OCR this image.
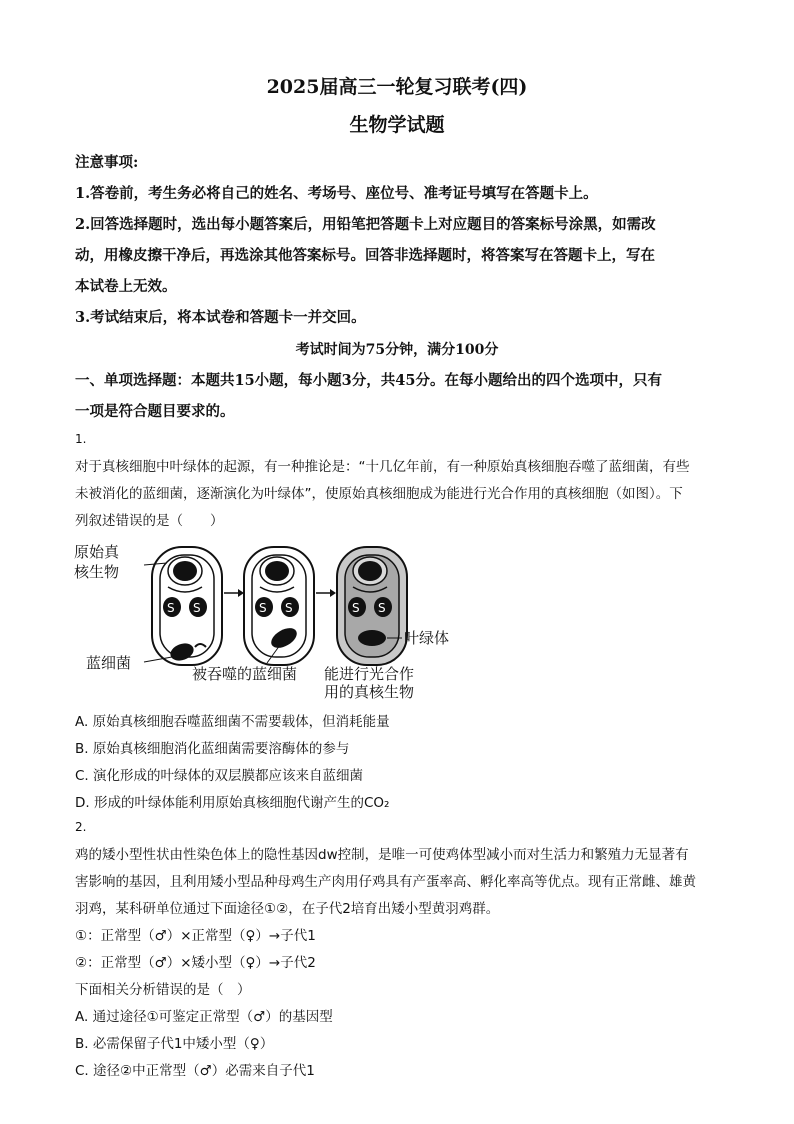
2025届高三一轮复习联考(四)
生物学试题
注意事项:
1.答卷前，考生务必将自己的姓名、考场号、座位号、准考证号填写在答题卡上。
2.回答选择题时，选出每小题答案后，用铅笔把答题卡上对应题目的答案标号涂黑，如需改
动，用橡皮擦干净后，再选涂其他答案标号。回答非选择题时，将答案写在答题卡上，写在
本试卷上无效。
3.考试结束后，将本试卷和答题卡一并交回。
考试时间为75分钟，满分100分
一、单项选择题：本题共15小题，每小题3分，共45分。在每小题给出的四个选项中，只有
一项是符合题目要求的。
1.
对于真核细胞中叶绿体的起源，有一种推论是：“十几亿年前，有一种原始真核细胞吞噬了蓝细菌，有些
未被消化的蓝细菌，逐渐演化为叶绿体”，使原始真核细胞成为能进行光合作用的真核细胞（如图）。下
列叙述错误的是（　　）
S S	S S	S S
原始真
核生物
蓝细菌
被吞噬的蓝细菌 能进行光合作
用的真核生物
叶绿体
A. 原始真核细胞吞噬蓝细菌不需要载体，但消耗能量
B. 原始真核细胞消化蓝细菌需要溶酶体的参与
C. 演化形成的叶绿体的双层膜都应该来自蓝细菌
D. 形成的叶绿体能利用原始真核细胞代谢产生的CO₂
2.
鸡的矮小型性状由性染色体上的隐性基因dw控制，是唯一可使鸡体型减小而对生活力和繁殖力无显著有
害影响的基因，且利用矮小型品种母鸡生产肉用仔鸡具有产蛋率高、孵化率高等优点。现有正常雌、雄黄
羽鸡，某科研单位通过下面途径①②，在子代2培育出矮小型黄羽鸡群。
①：正常型（♂）×正常型（♀）→子代1
②：正常型（♂）×矮小型（♀）→子代2
下面相关分析错误的是（　）
A. 通过途径①可鉴定正常型（♂）的基因型
B. 必需保留子代1中矮小型（♀）
C. 途径②中正常型（♂）必需来自子代1
